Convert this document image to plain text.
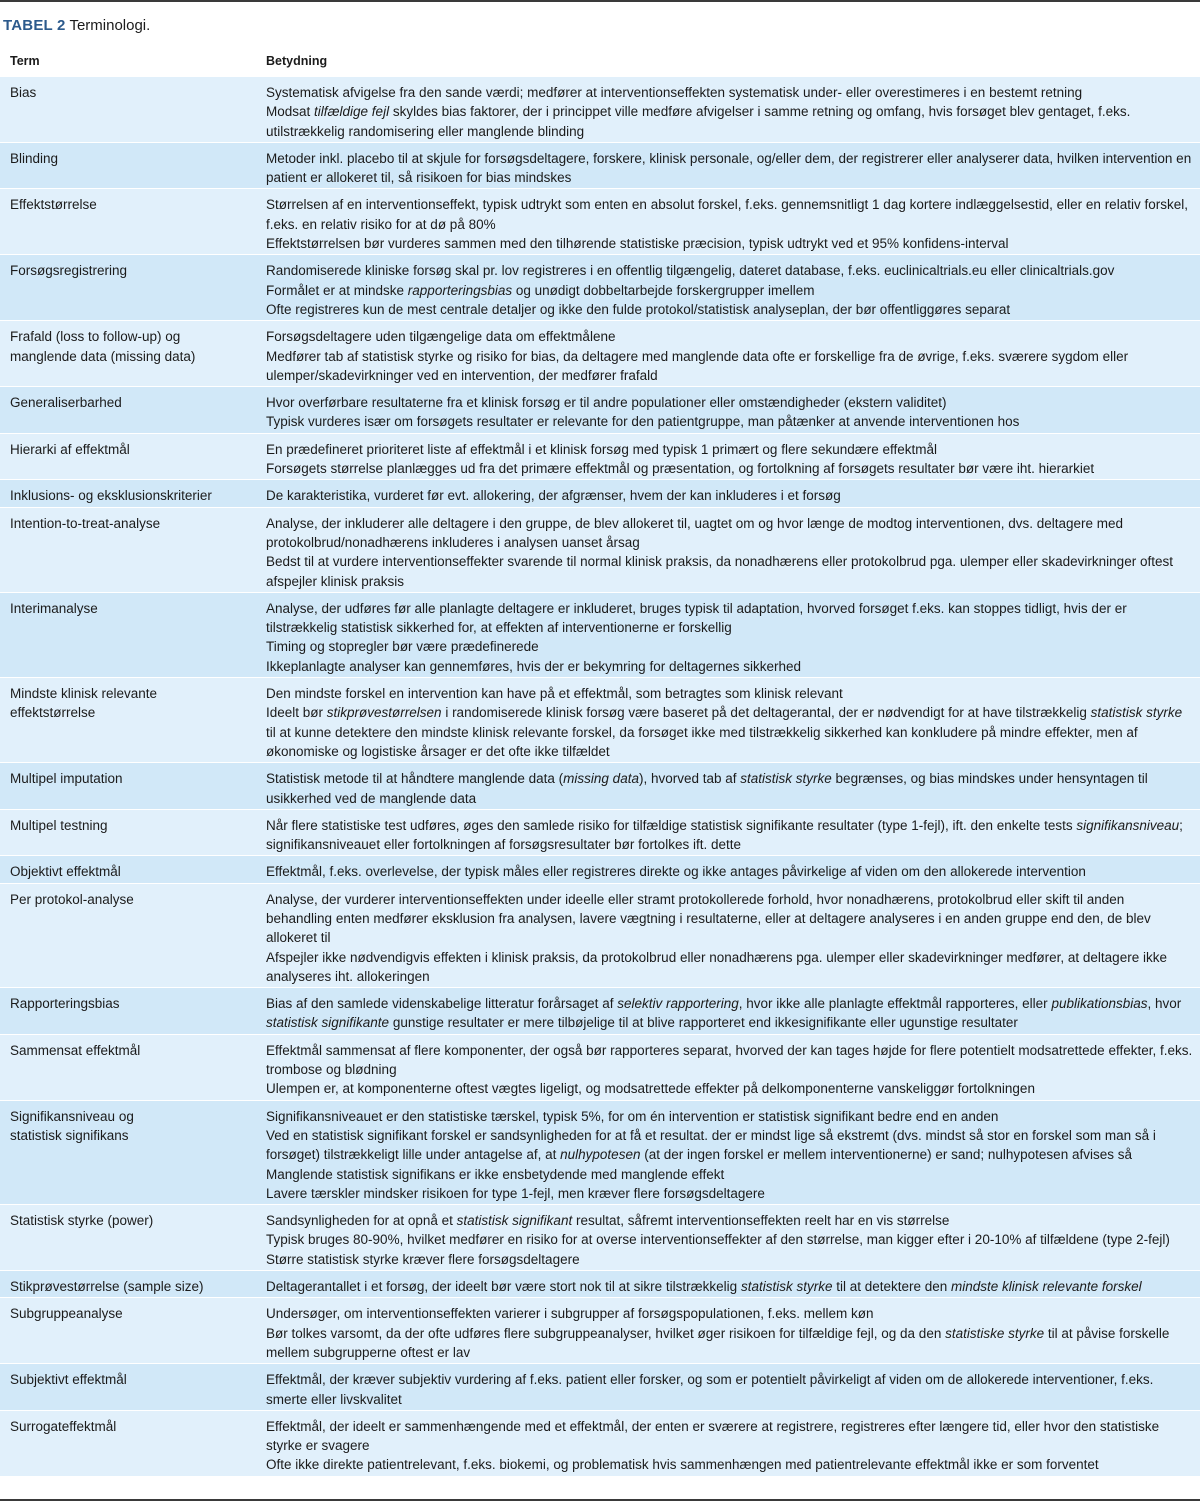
TABEL 2 Terminologi.
Term	Betydning

Bias	Systematisk afvigelse fra den sande værdi; medfører at interventionseffekten systematisk under- eller overestimeres i en bestemt retning
Modsat tilfældige fejl skyldes bias faktorer, der i princippet ville medføre afvigelser i samme retning og omfang, hvis forsøget blev gentaget, f.eks. utilstrækkelig randomisering eller manglende blinding

Blinding	Metoder inkl. placebo til at skjule for forsøgsdeltagere, forskere, klinisk personale, og/eller dem, der registrerer eller analyserer data, hvilken intervention en patient er allokeret til, så risikoen for bias mindskes

Effektstørrelse	Størrelsen af en interventionseffekt, typisk udtrykt som enten en absolut forskel, f.eks. gennemsnitligt 1 dag kortere indlæggelsestid, eller en relativ forskel, f.eks. en relativ risiko for at dø på 80%
Effektstørrelsen bør vurderes sammen med den tilhørende statistiske præcision, typisk udtrykt ved et 95% konfidens-interval

Forsøgsregistrering	Randomiserede kliniske forsøg skal pr. lov registreres i en offentlig tilgængelig, dateret database, f.eks. euclinicaltrials.eu eller clinicaltrials.gov
Formålet er at mindske rapporteringsbias og unødigt dobbeltarbejde forskergrupper imellem
Ofte registreres kun de mest centrale detaljer og ikke den fulde protokol/statistisk analyseplan, der bør offentliggøres separat

Frafald (loss to follow-up) og
manglende data (missing data)	Forsøgsdeltagere uden tilgængelige data om effektmålene
Medfører tab af statistisk styrke og risiko for bias, da deltagere med manglende data ofte er forskellige fra de øvrige, f.eks. sværere sygdom eller ulemper/skadevirkninger ved en intervention, der medfører frafald

Generaliserbarhed	Hvor overførbare resultaterne fra et klinisk forsøg er til andre populationer eller omstændigheder (ekstern validitet)
Typisk vurderes især om forsøgets resultater er relevante for den patientgruppe, man påtænker at anvende interventionen hos

Hierarki af effektmål	En prædefineret prioriteret liste af effektmål i et klinisk forsøg med typisk 1 primært og flere sekundære effektmål
Forsøgets størrelse planlægges ud fra det primære effektmål og præsentation, og fortolkning af forsøgets resultater bør være iht. hierarkiet

Inklusions- og eksklusionskriterier	De karakteristika, vurderet før evt. allokering, der afgrænser, hvem der kan inkluderes i et forsøg

Intention-to-treat-analyse	Analyse, der inkluderer alle deltagere i den gruppe, de blev allokeret til, uagtet om og hvor længe de modtog interventionen, dvs. deltagere med protokolbrud/nonadhærens inkluderes i analysen uanset årsag
Bedst til at vurdere interventionseffekter svarende til normal klinisk praksis, da nonadhærens eller protokolbrud pga. ulemper eller skadevirkninger oftest afspejler klinisk praksis

Interimanalyse	Analyse, der udføres før alle planlagte deltagere er inkluderet, bruges typisk til adaptation, hvorved forsøget f.eks. kan stoppes tidligt, hvis der er tilstrækkelig statistisk sikkerhed for, at effekten af interventionerne er forskellig
Timing og stopregler bør være prædefinerede
Ikkeplanlagte analyser kan gennemføres, hvis der er bekymring for deltagernes sikkerhed

Mindste klinisk relevante
effektstørrelse	Den mindste forskel en intervention kan have på et effektmål, som betragtes som klinisk relevant
Ideelt bør stikprøvestørrelsen i randomiserede klinisk forsøg være baseret på det deltagerantal, der er nødvendigt for at have tilstrækkelig statistisk styrke til at kunne detektere den mindste klinisk relevante forskel, da forsøget ikke med tilstrækkelig sikkerhed kan konkludere på mindre effekter, men af økonomiske og logistiske årsager er det ofte ikke tilfældet

Multipel imputation	Statistisk metode til at håndtere manglende data (missing data), hvorved tab af statistisk styrke begrænses, og bias mindskes under hensyntagen til usikkerhed ved de manglende data

Multipel testning	Når flere statistiske test udføres, øges den samlede risiko for tilfældige statistisk signifikante resultater (type 1-fejl), ift. den enkelte tests signifikansniveau; signifikansniveauet eller fortolkningen af forsøgsresultater bør fortolkes ift. dette

Objektivt effektmål	Effektmål, f.eks. overlevelse, der typisk måles eller registreres direkte og ikke antages påvirkelige af viden om den allokerede intervention

Per protokol-analyse	Analyse, der vurderer interventionseffekten under ideelle eller stramt protokollerede forhold, hvor nonadhærens, protokolbrud eller skift til anden behandling enten medfører eksklusion fra analysen, lavere vægtning i resultaterne, eller at deltagere analyseres i en anden gruppe end den, de blev allokeret til
Afspejler ikke nødvendigvis effekten i klinisk praksis, da protokolbrud eller nonadhærens pga. ulemper eller skadevirkninger medfører, at deltagere ikke analyseres iht. allokeringen

Rapporteringsbias	Bias af den samlede videnskabelige litteratur forårsaget af selektiv rapportering, hvor ikke alle planlagte effektmål rapporteres, eller publikationsbias, hvor statistisk signifikante gunstige resultater er mere tilbøjelige til at blive rapporteret end ikkesignifikante eller ugunstige resultater

Sammensat effektmål	Effektmål sammensat af flere komponenter, der også bør rapporteres separat, hvorved der kan tages højde for flere potentielt modsatrettede effekter, f.eks. trombose og blødning
Ulempen er, at komponenterne oftest vægtes ligeligt, og modsatrettede effekter på delkomponenterne vanskeliggør fortolkningen

Signifikansniveau og
statistisk signifikans	Signifikansniveauet er den statistiske tærskel, typisk 5%, for om én intervention er statistisk signifikant bedre end en anden
Ved en statistisk signifikant forskel er sandsynligheden for at få et resultat. der er mindst lige så ekstremt (dvs. mindst så stor en forskel som man så i forsøget) tilstrækkeligt lille under antagelse af, at nulhypotesen (at der ingen forskel er mellem interventionerne) er sand; nulhypotesen afvises så
Manglende statistisk signifikans er ikke ensbetydende med manglende effekt
Lavere tærskler mindsker risikoen for type 1-fejl, men kræver flere forsøgsdeltagere

Statistisk styrke (power)	Sandsynligheden for at opnå et statistisk signifikant resultat, såfremt interventionseffekten reelt har en vis størrelse
Typisk bruges 80-90%, hvilket medfører en risiko for at overse interventionseffekter af den størrelse, man kigger efter i 20-10% af tilfældene (type 2-fejl)
Større statistisk styrke kræver flere forsøgsdeltagere

Stikprøvestørrelse (sample size)	Deltagerantallet i et forsøg, der ideelt bør være stort nok til at sikre tilstrækkelig statistisk styrke til at detektere den mindste klinisk relevante forskel

Subgruppeanalyse	Undersøger, om interventionseffekten varierer i subgrupper af forsøgspopulationen, f.eks. mellem køn
Bør tolkes varsomt, da der ofte udføres flere subgruppeanalyser, hvilket øger risikoen for tilfældige fejl, og da den statistiske styrke til at påvise forskelle mellem subgrupperne oftest er lav

Subjektivt effektmål	Effektmål, der kræver subjektiv vurdering af f.eks. patient eller forsker, og som er potentielt påvirkeligt af viden om de allokerede interventioner, f.eks. smerte eller livskvalitet

Surrogateffektmål	Effektmål, der ideelt er sammenhængende med et effektmål, der enten er sværere at registrere, registreres efter længere tid, eller hvor den statistiske styrke er svagere
Ofte ikke direkte patientrelevant, f.eks. biokemi, og problematisk hvis sammenhængen med patientrelevante effektmål ikke er som forventet
